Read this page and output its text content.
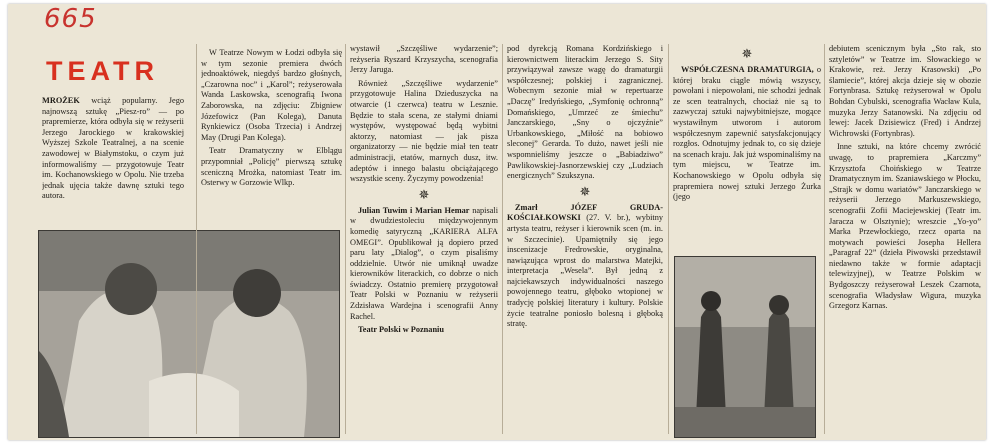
665
TEATR

MROŻEK wciąż popularny. Jego najnowszą sztukę „Piesz-ro” — po prapremierze, która odbyła się w reżyserii Jerzego Jarockiego w krakowskiej Wyższej Szkole Teatralnej, a na scenie zawodowej w Białymstoku, o czym już informowaliśmy — przygotowuje Teatr im. Kochanowskiego w Opolu. Nie trzeba jednak ujęcia także dawnę sztuki tego autora.

W Teatrze Nowym w Łodzi odbyła się w tym sezonie premiera dwóch jednoaktówek, niegdyś bardzo głośnych, „Czarowna noc” i „Karol”; reżyserowała Wanda Laskowska, scenografią Iwona Zaborowska, na zdjęciu: Zbigniew Józefowicz (Pan Kolega), Danuta Rynkiewicz (Osoba Trzecia) i Andrzej May (Drugi Pan Kolega).

Teatr Dramatyczny w Elblągu przypomniał „Policję” pierwszą sztukę sceniczną Mrożka, natomiast Teatr im. Osterwy w Gorzowie Wlkp.

wystawił „Szczęśliwe wydarzenie”; reżyseria Ryszard Krzyszycha, scenografia Jerzy Jaruga.

Również „Szczęśliwe wydarzenie” przygotowuje Halina Dzieduszycka na otwarcie (1 czerwca) teatru w Lesznie. Będzie to stała scena, ze stałymi dniami występów, występować będą wybitni aktorzy, natomiast — jak pisza organizatorzy — nie będzie miał ten teatr administracji, etatów, marnych dusz, itw. adeptów i innego balastu obciążającego wszystkie sceny. Życzymy powodzenia!

✵

Julian Tuwim i Marian Hemar napisali w dwudziestoleciu międzywojennym komedię satyryczną „KARIERA ALFA OMEGI”. Opublikował ją dopiero przed paru laty „Dialog”, o czym pisaliśmy oddzielnie. Utwór nie umiknął uwadze kierowników literackich, co dobrze o nich świadczy. Ostatnio premierę przygotował Teatr Polski w Poznaniu w reżyserii Zdzisława Wardejna i scenografii Anny Rachel.

Teatr Polski w Poznaniu

pod dyrekcją Romana Kordzińskiego i kierownictwem literackim Jerzego S. Sity przywiązywał zawsze wagę do dramaturgii współczesnej; polskiej i zagranicznej. Wobecnym sezonie miał w repertuarze „Daczę” Iredyńskiego, „Symfonię ochronną” Domańskiego, „Umrzeć ze śmiechu” Janczarskiego, „Sny o ojczyźnie” Urbankowskiego, „Miłość na bobiowo sleconej” Gerarda. To dużo, nawet jeśli nie wspomnieliśmy jeszcze o „Babiadziwo” Pawlikowskiej-Jasnorzewskiej czy „Ludziach energicznych” Szukszyna.

✵

Zmarł JÓZEF GRUDA-KOŚCIAŁKOWSKI (27. V. br.), wybitny artysta teatru, reżyser i kierownik scen (m. in. w Szczecinie). Upamiętniły się jego inscenizacje Fredrowskie, oryginalna, nawiązująca wprost do malarstwa Matejki, interpretacja „Wesela”. Był jedną z najciekawszych indywidualności naszego powojennego teatru, głęboko wtopionej w tradycję polskiej literatury i kultury. Polskie życie teatralne poniosło bolesną i głęboką stratę.

✵

WSPÓŁCZESNA DRAMATURGIA, o której braku ciągle mówią wszyscy, powołani i niepowołani, nie schodzi jednak ze scen teatralnych, chociaż nie są to zazwyczaj sztuki najwybitniejsze, mogące wystawiłnym utworom i autorom współczesnym zapewnić satysfakcjonujący rozgłos. Odnotujmy jednak to, co się dzieje na scenach kraju. Jak już wspominaliśmy na tym miejscu, w Teatrze im. Kochanowskiego w Opolu odbyła się prapremiera nowej sztuki Jerzego Żurka (jego

debiutem scenicznym była „Sto rak, sto sztyletów” w Teatrze im. Słowackiego w Krakowie, reż. Jerzy Krasowski) „Po ślamiecie”, której akcja dzieje się w obozie Fortynbrasa. Sztukę reżyserował w Opolu Bohdan Cybulski, scenografia Wacław Kula, muzyka Jerzy Satanowski. Na zdjęciu od lewej: Jacek Dzisiewicz (Fred) i Andrzej Wichrowski (Fortynbras).

Inne sztuki, na które chcemy zwrócić uwagę, to prapremiera „Karczmy” Krzysztofa Choińskiego w Teatrze Dramatycznym im. Szaniawskiego w Płocku, „Strajk w domu wariatów” Janczarskiego w reżyserii Jerzego Markuszewskiego, scenografii Zofii Maciejewskiej (Teatr im. Jaracza w Olsztynie); wreszcie „Yo-yo” Marka Przewłockiego, rzecz oparta na motywach powieści Josepha Hellera „Paragraf 22” (dzieła Piwowski przedstawił niedawno także w formie adaptacji telewizyjnej), w Teatrze Polskim w Bydgoszczy reżyserował Leszek Czarnota, scenografia Władysław Wigura, muzyka Grzegorz Karnas.
